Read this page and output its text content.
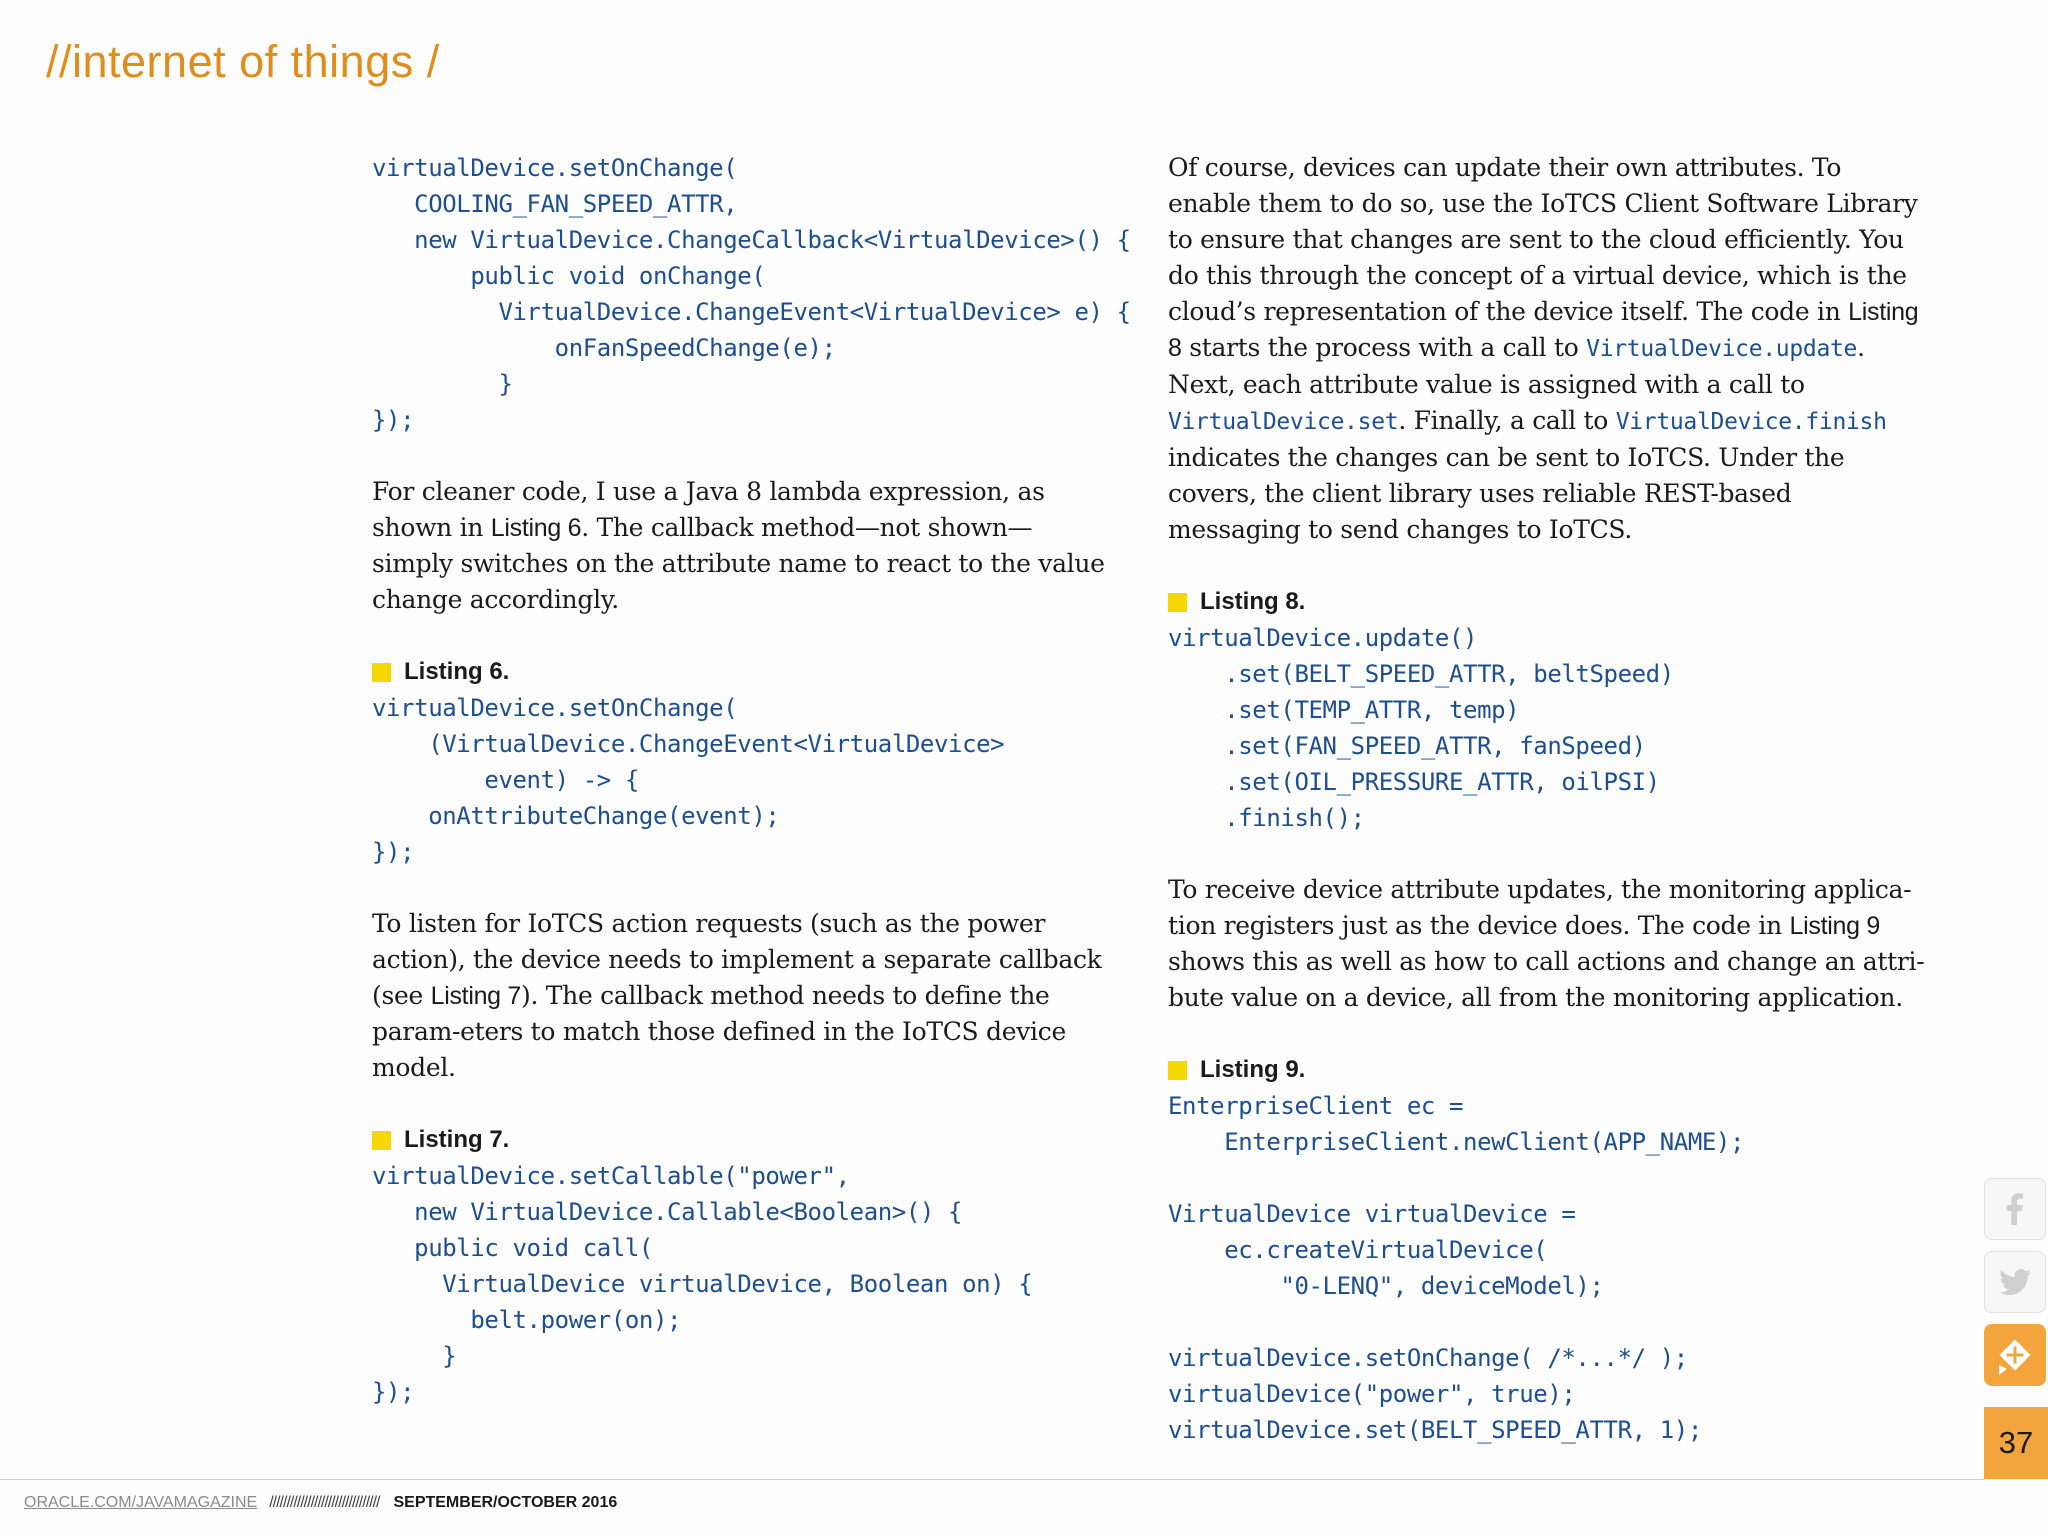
//internet of things /
virtualDevice.setOnChange(
COOLING_FAN_SPEED_ATTR,
new VirtualDevice.ChangeCallback<VirtualDevice>() {
public void onChange(
VirtualDevice.ChangeEvent<VirtualDevice> e) {
onFanSpeedChange(e);
}
});

For cleaner code, I use a Java 8 lambda expression, as shown in Listing 6. The callback method—not shown—simply switches on the attribute name to react to the value change accordingly.

Listing 6.
virtualDevice.setOnChange(
(VirtualDevice.ChangeEvent<VirtualDevice>
event) -> {
onAttributeChange(event);
});

To listen for IoTCS action requests (such as the power action), the device needs to implement a separate callback (see Listing 7). The callback method needs to define the param-eters to match those defined in the IoTCS device model.

Listing 7.
virtualDevice.setCallable("power",
new VirtualDevice.Callable<Boolean>() {
public void call(
VirtualDevice virtualDevice, Boolean on) {
belt.power(on);
}
});

Of course, devices can update their own attributes. To enable them to do so, use the IoTCS Client Software Library to ensure that changes are sent to the cloud efficiently. You do this through the concept of a virtual device, which is the cloud’s representation of the device itself. The code in Listing 8 starts the process with a call to VirtualDevice.update. Next, each attribute value is assigned with a call to VirtualDevice.set. Finally, a call to VirtualDevice.finish indicates the changes can be sent to IoTCS. Under the covers, the client library uses reliable REST-based messaging to send changes to IoTCS.

Listing 8.
virtualDevice.update()
.set(BELT_SPEED_ATTR, beltSpeed)
.set(TEMP_ATTR, temp)
.set(FAN_SPEED_ATTR, fanSpeed)
.set(OIL_PRESSURE_ATTR, oilPSI)
.finish();

To receive device attribute updates, the monitoring applica-tion registers just as the device does. The code in Listing 9 shows this as well as how to call actions and change an attri-bute value on a device, all from the monitoring application.

Listing 9.
EnterpriseClient ec =
EnterpriseClient.newClient(APP_NAME);

VirtualDevice virtualDevice =
ec.createVirtualDevice(
"0-LENQ", deviceModel);

virtualDevice.setOnChange( /*...*/ );
virtualDevice("power", true);
virtualDevice.set(BELT_SPEED_ATTR, 1);	37
ORACLE.COM/JAVAMAGAZINE //////////////////////////////// SEPTEMBER/OCTOBER 2016
